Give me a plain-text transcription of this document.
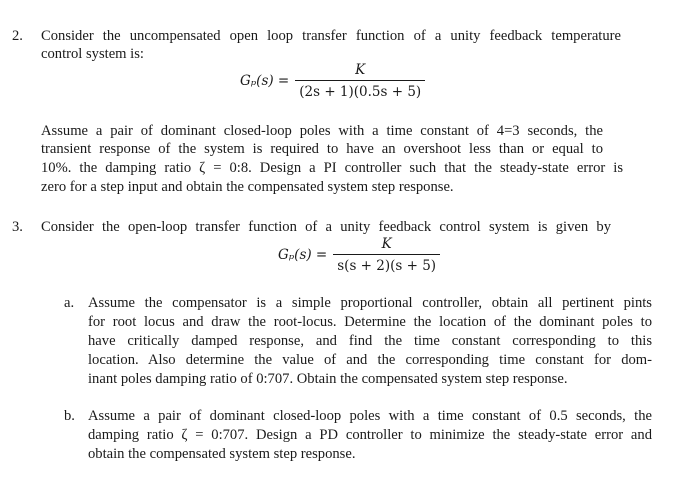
2. Consider the uncompensated open loop transfer function of a unity feedback temperature
control system is:
$G_p(s) = \frac{K}{(2s + 1)(0.5s + 5)}$
Assume a pair of dominant closed-loop poles with a time constant of 4=3 seconds, the
transient response of the system is required to have an overshoot less than or equal to
10%. the damping ratio ζ = 0:8. Design a PI controller such that the steady-state error is
zero for a step input and obtain the compensated system step response.
3. Consider the open-loop transfer function of a unity feedback control system is given by
$G_p(s) = \frac{K}{s(s + 2)(s + 5)}$
a. Assume the compensator is a simple proportional controller, obtain all pertinent pints
for root locus and draw the root-locus. Determine the location of the dominant poles to
have critically damped response, and find the time constant corresponding to this
location. Also determine the value of and the corresponding time constant for dom-
inant poles damping ratio of 0:707. Obtain the compensated system step response.
b. Assume a pair of dominant closed-loop poles with a time constant of 0.5 seconds, the
damping ratio ζ = 0:707. Design a PD controller to minimize the steady-state error and
obtain the compensated system step response.
